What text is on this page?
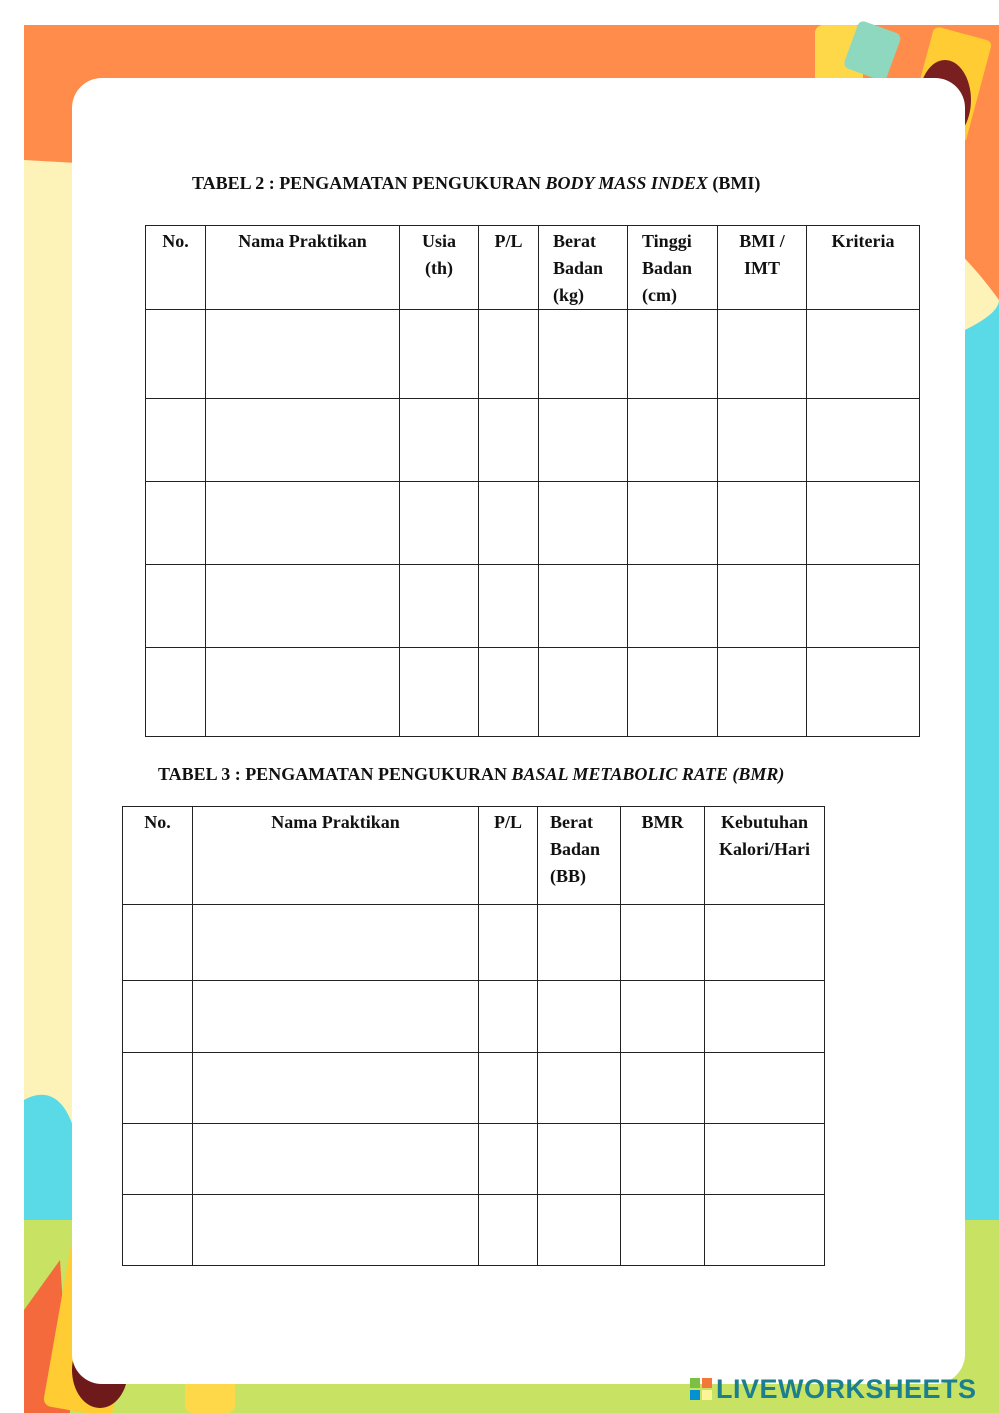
TABEL 2 : PENGAMATAN PENGUKURAN BODY MASS INDEX (BMI)
No.	Nama Praktikan	Usia (th)	P/L	Berat Badan (kg)	Tinggi Badan (cm)	BMI / IMT	Kriteria

TABEL 3 : PENGAMATAN PENGUKURAN BASAL METABOLIC RATE (BMR)
No.	Nama Praktikan	P/L	Berat Badan (BB)	BMR	Kebutuhan Kalori/Hari

LIVEWORKSHEETS
